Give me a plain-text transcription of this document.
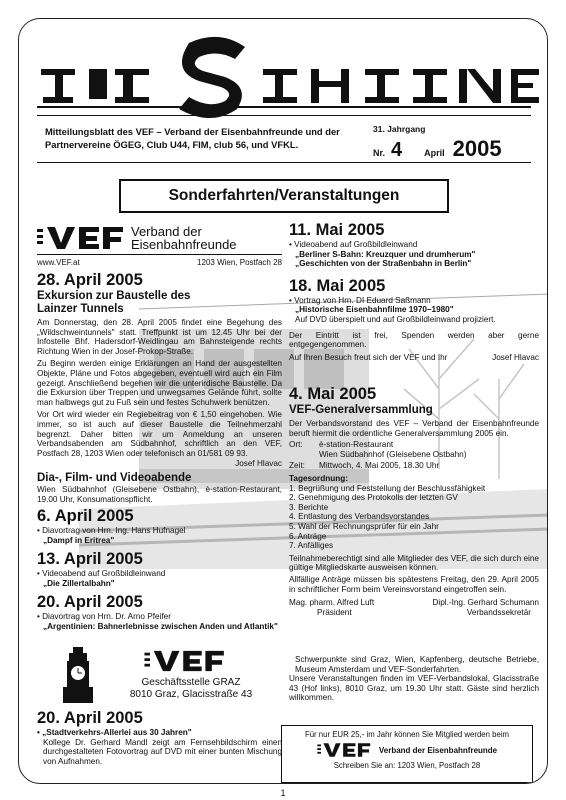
Mitteilungsblatt des VEF – Verband der Eisenbahnfreunde und der Partnervereine ÖGEG, Club U44, FIM, club 56, und VFKL.
31. Jahrgang
Nr. 4 April 2005
Sonderfahrten/Veranstaltungen
Verband der
Eisenbahnfreunde
www.VEF.at	1203 Wien, Postfach 28
28. April 2005
Exkursion zur Baustelle des Lainzer Tunnels
Am Donnerstag, den 28. April 2005 findet eine Begehung des „Wildschweintunnels" statt. Treffpunkt ist um 12.45 Uhr bei der Infostelle Bhf. Hadersdorf-Weidlingau am Bahnsteigende rechts Richtung Wien in der Josef-Prokop-Straße.
Zu Beginn werden einige Erklärungen an Hand der ausgestellten Objekte, Pläne und Fotos abgegeben, eventuell wird auch ein Film gezeigt. Anschließend begehen wir die unterirdische Baustelle. Da die Exkursion über Treppen und unwegsames Gelände führt, sollte man halbwegs gut zu Fuß sein und festes Schuhwerk benützen.
Vor Ort wird wieder ein Regiebeitrag von € 1,50 eingehoben. Wie immer, so ist auch auf dieser Baustelle die Teilnehmerzahl begrenzt. Daher bitten wir um Anmeldung an unseren Verbandsabenden am Südbahnhof, schriftlich an den VEF, Postfach 28, 1203 Wien oder telefonisch an 01/581 09 93.
Josef Hlavac
Dia-, Film- und Videoabende
Wien Südbahnhof (Gleisebene Ostbahn), è-station-Restaurant, 19.00 Uhr, Konsumationspflicht.
6. April 2005
• Diavortrag von Hrn. Ing. Hans Hufnagel
„Dampf in Eritrea"
13. April 2005
• Videoabend auf Großbildleinwand
„Die Zillertalbahn"
20. April 2005
• Diavortrag von Hrn. Dr. Arno Pfeifer
„Argentinien: Bahnerlebnisse zwischen Anden und Atlantik"
11. Mai 2005
• Videoabend auf Großbildleinwand
„Berliner S-Bahn: Kreuzquer und drumherum"
„Geschichten von der Straßenbahn in Berlin"
18. Mai 2005
• Vortrag von Hrn. DI Eduard Saßmann
„Historische Eisenbahnfilme 1970–1980"
Auf DVD überspielt und auf Großbildleinwand projiziert.
Der Eintritt ist frei, Spenden werden aber gerne entgegengenommen.
Auf Ihren Besuch freut sich der VEF und Ihr	Josef Hlavac
4. Mai 2005
VEF-Generalversammlung
Der Verbandsvorstand des VEF – Verband der Eisenbahnfreunde beruft hiermit die ordentliche Generalversammlung 2005 ein.
Ort:	è-station-Restaurant
Wien Südbahnhof (Gleisebene Ostbahn)
Zeit:	Mittwoch, 4. Mai 2005, 18.30 Uhr
Tagesordnung:
1. Begrüßung und Feststellung der Beschlussfähigkeit
2. Genehmigung des Protokolls der letzten GV
3. Berichte
4. Entlastung des Verbandsvorstandes
5. Wahl der Rechnungsprüfer für ein Jahr
6. Anträge
7. Anfälliges
Teilnahmeberechtigt sind alle Mitglieder des VEF, die sich durch eine gültige Mitgliedskarte ausweisen können.
Allfällige Anträge müssen bis spätestens Freitag, den 29. April 2005 in schriftlicher Form beim Vereinsvorstand eingetroffen sein.
Mag. pharm. Alfred Luft	Dipl.-Ing. Gerhard Schumann
Präsident	Verbandssekretär
Geschäftsstelle GRAZ
8010 Graz, Glacisstraße 43
Schwerpunkte sind Graz, Wien, Kapfenberg, deutsche Betriebe, Museum Amsterdam und VEF-Sonderfahrten.
Unsere Veranstaltungen finden im VEF-Verbandslokal, Glacisstraße 43 (Hof links), 8010 Graz, um 19.30 Uhr statt. Gäste sind herzlich willkommen.
20. April 2005
• „Stadtverkehrs-Allerlei aus 30 Jahren"
Kollege Dr. Gerhard Mandl zeigt am Fernsehbildschirm einen durchgestalteten Fotovortrag auf DVD mit einer bunten Mischung von Aufnahmen.
Für nur EUR 25,- im Jahr können Sie Mitglied werden beim
Verband der Eisenbahnfreunde
Schreiben Sie an: 1203 Wien, Postfach 28
1
